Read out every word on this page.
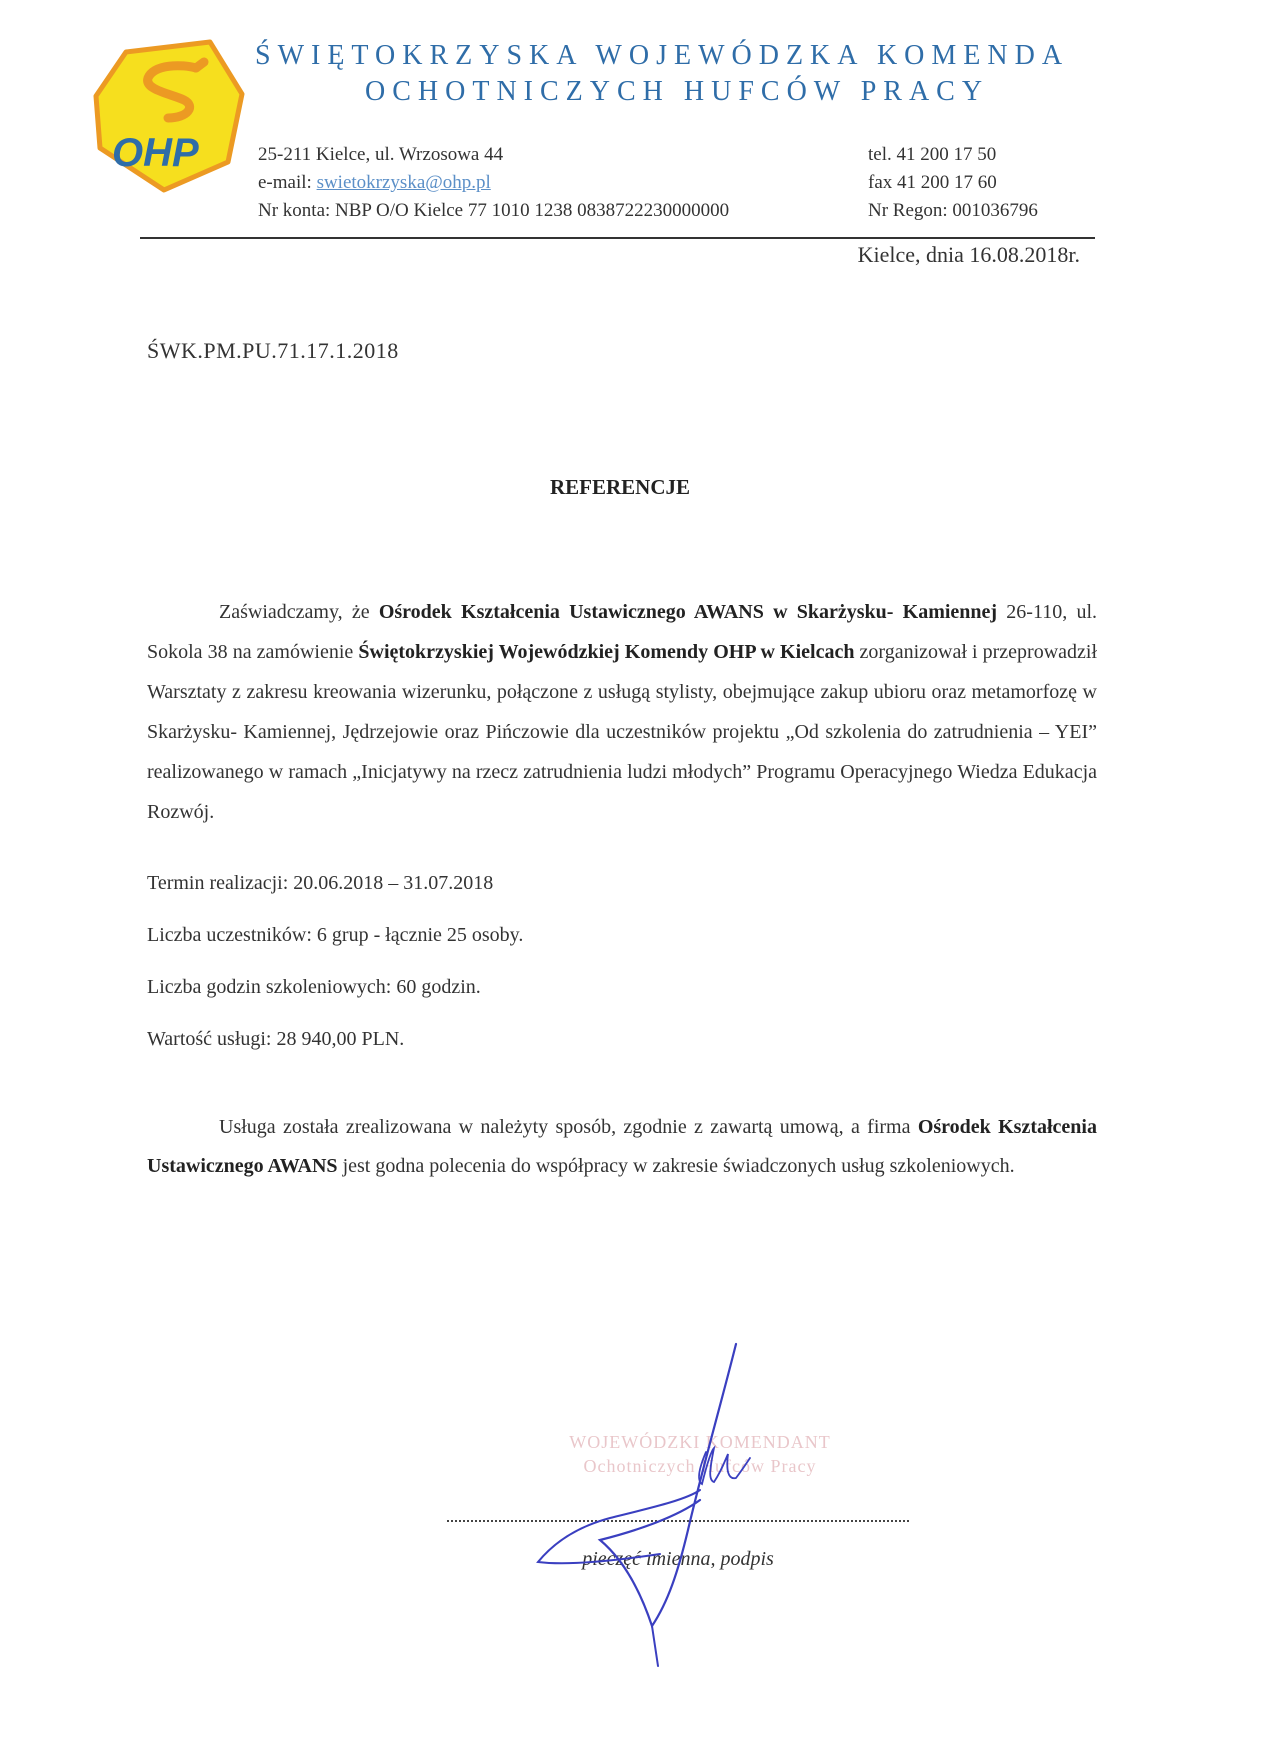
OHP
ŚWIĘTOKRZYSKA WOJEWÓDZKA KOMENDA
OCHOTNICZYCH HUFCÓW PRACY
25-211 Kielce, ul. Wrzosowa 44
e-mail: swietokrzyska@ohp.pl
Nr konta: NBP O/O Kielce 77 1010 1238 0838722230000000
tel. 41 200 17 50
fax 41 200 17 60
Nr Regon: 001036796
Kielce, dnia 16.08.2018r.
ŚWK.PM.PU.71.17.1.2018
REFERENCJE

Zaświadczamy, że Ośrodek Kształcenia Ustawicznego AWANS w Skarżysku- Kamiennej 26-110, ul. Sokola 38 na zamówienie Świętokrzyskiej Wojewódzkiej Komendy OHP w Kielcach zorganizował i przeprowadził Warsztaty z zakresu kreowania wizerunku, połączone z usługą stylisty, obejmujące zakup ubioru oraz metamorfozę w Skarżysku- Kamiennej, Jędrzejowie oraz Pińczowie dla uczestników projektu „Od szkolenia do zatrudnienia – YEI” realizowanego w ramach „Inicjatywy na rzecz zatrudnienia ludzi młodych” Programu Operacyjnego Wiedza Edukacja Rozwój.

Termin realizacji: 20.06.2018 – 31.07.2018
Liczba uczestników: 6 grup - łącznie 25 osoby.
Liczba godzin szkoleniowych: 60 godzin.
Wartość usługi: 28 940,00 PLN.

Usługa została zrealizowana w należyty sposób, zgodnie z zawartą umową, a firma Ośrodek Kształcenia Ustawicznego AWANS jest godna polecenia do współpracy w zakresie świadczonych usług szkoleniowych.

WOJEWÓDZKI KOMENDANT
Ochotniczych Hufców Pracy
pieczęć imienna, podpis
